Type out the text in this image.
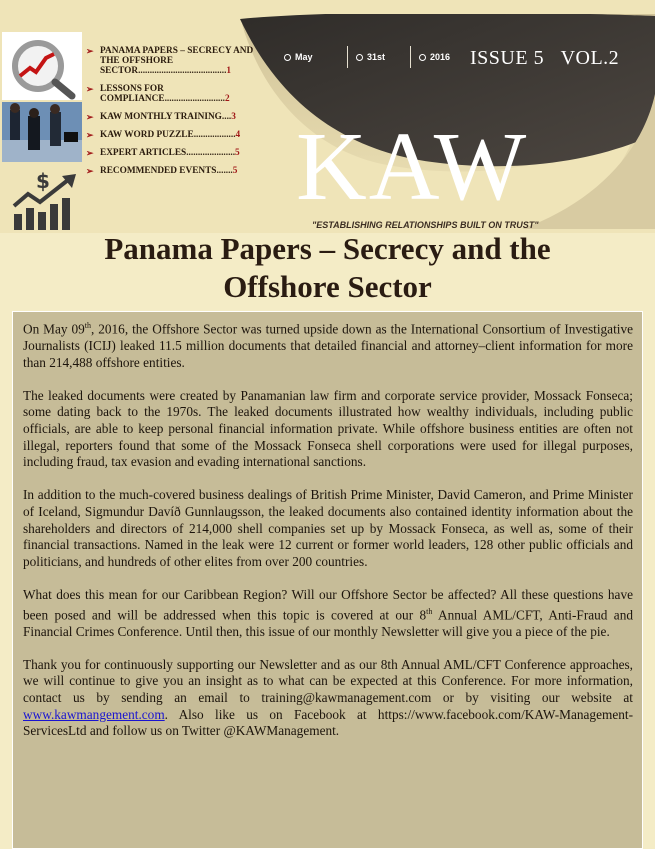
$
➢ PANAMA PAPERS – SECRECY AND THE OFFSHORE SECTOR......................................1
➢ LESSONS FOR COMPLIANCE..........................2
➢ KAW MONTHLY TRAINING....3
➢ KAW WORD PUZZLE..................4
➢ EXPERT ARTICLES.....................5
➢ RECOMMENDED EVENTS.......5
May	31st	2016 ISSUE 5 VOL.2
KAW
"ESTABLISHING RELATIONSHIPS BUILT ON TRUST"
Panama Papers – Secrecy and the
Offshore Sector

On May 09th, 2016, the Offshore Sector was turned upside down as the International Consortium of Investigative Journalists (ICIJ) leaked 11.5 million documents that detailed financial and attorney–client information for more than 214,488 offshore entities.

The leaked documents were created by Panamanian law firm and corporate service provider, Mossack Fonseca; some dating back to the 1970s. The leaked documents illustrated how wealthy individuals, including public officials, are able to keep personal financial information private. While offshore business entities are often not illegal, reporters found that some of the Mossack Fonseca shell corporations were used for illegal purposes, including fraud, tax evasion and evading international sanctions.

In addition to the much-covered business dealings of British Prime Minister, David Cameron, and Prime Minister of Iceland, Sigmundur Davíð Gunnlaugsson, the leaked documents also contained identity information about the shareholders and directors of 214,000 shell companies set up by Mossack Fonseca, as well as, some of their financial transactions. Named in the leak were 12 current or former world leaders, 128 other public officials and politicians, and hundreds of other elites from over 200 countries.

What does this mean for our Caribbean Region? Will our Offshore Sector be affected? All these questions have been posed and will be addressed when this topic is covered at our 8th Annual AML/CFT, Anti-Fraud and Financial Crimes Conference. Until then, this issue of our monthly Newsletter will give you a piece of the pie.

Thank you for continuously supporting our Newsletter and as our 8th Annual AML/CFT Conference approaches, we will continue to give you an insight as to what can be expected at this Conference. For more information, contact us by sending an email to training@kawmanagement.com or by visiting our website at www.kawmangement.com. Also like us on Facebook at https://www.facebook.com/KAW-Management-ServicesLtd and follow us on Twitter @KAWManagement.
